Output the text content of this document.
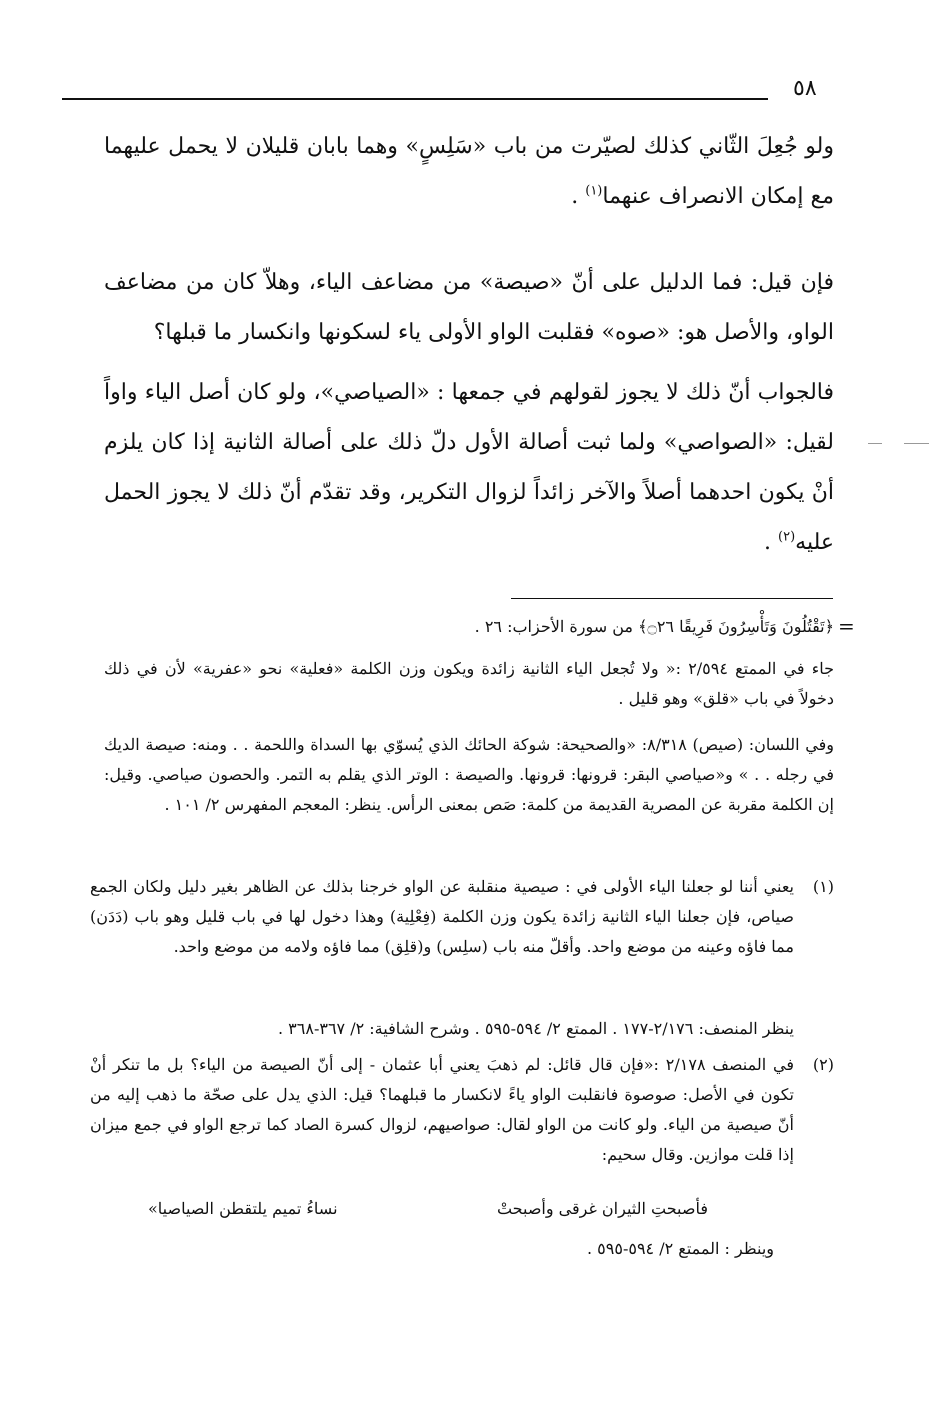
٥٨
ولو جُعِلَ الثّاني كذلك لصيّرت من باب «سَلِسٍ» وهما بابان قليلان لا يحمل عليهما مع إمكان الانصراف عنهما$^{(١)}$ .
فإن قيل: فما الدليل على أنّ «صيصة» من مضاعف الياء، وهلاّ كان من مضاعف الواو، والأصل هو: «صوه» فقلبت الواو الأولى ياء لسكونها وانكسار ما قبلها؟
فالجواب أنّ ذلك لا يجوز لقولهم في جمعها : «الصياصي»، ولو كان أصل الياء واواً لقيل: «الصواصي» ولما ثبت أصالة الأول دلّ ذلك على أصالة الثانية إذا كان يلزم أنْ يكون احدهما أصلاً والآخر زائداً لزوال التكرير، وقد تقدّم أنّ ذلك لا يجوز الحمل عليه$^{(٢)}$ .
=
﴿تَقْتُلُونَ وَتَأْسِرُونَ فَرِيقًا ۝٢٦﴾ من سورة الأحزاب: ٢٦ .
جاء في الممتع ٢/٥٩٤ :« ولا تُجعل الياء الثانية زائدة ويكون وزن الكلمة «فعلية» نحو «عفرية» لأن في ذلك دخولاً في باب «قلق» وهو قليل .
وفي اللسان: (صيص) ٨/٣١٨: «والصحيحة: شوكة الحائك الذي يُسوّي بها السداة واللحمة . . ومنه: صيصة الديك في رجله . . » و«صياصي البقر: قرونها: قرونها. والصيصة : الوتر الذي يقلم به التمر. والحصون صياصي. وقيل: إن الكلمة مقربة عن المصرية القديمة من كلمة: صَص بمعنى الرأس. ينظر: المعجم المفهرس ٢/ ١٠١ .
(١)
يعني أننا لو جعلنا الياء الأولى في : صيصية منقلبة عن الواو خرجنا بذلك عن الظاهر بغير دليل ولكان الجمع صياص، فإن جعلنا الياء الثانية زائدة يكون وزن الكلمة (فِعْلِية) وهذا دخول لها في باب قليل وهو باب (دَدَن) مما فاؤه وعينه من موضع واحد. وأقلّ منه باب (سلِس) و(قلِق) مما فاؤه ولامه من موضع واحد.
ينظر المنصف: ٢/١٧٦-١٧٧ . الممتع ٢/ ٥٩٤-٥٩٥ . وشرح الشافية: ٢/ ٣٦٧-٣٦٨ .
(٢)
في المنصف ٢/١٧٨ :«فإن قال قائل: لم ذهبَ يعني أبا عثمان - إلى أنّ الصيصة من الياء؟ بل ما تنكر أنْ تكون في الأصل: صوصوة فانقلبت الواو ياءً لانكسار ما قبلهما؟ قيل: الذي يدل على صحّة ما ذهب إليه من أنّ صيصية من الياء. ولو كانت من الواو لقال: صواصيهم، لزوال كسرة الصاد كما ترجع الواو في جمع ميزان إذا قلت موازين. وقال سحيم:
فأصبحتِ الثيران غرقى وأصبحتْ
نساءُ تميم يلتقطن الصياصيا»
وينظر : الممتع ٢/ ٥٩٤-٥٩٥ .
